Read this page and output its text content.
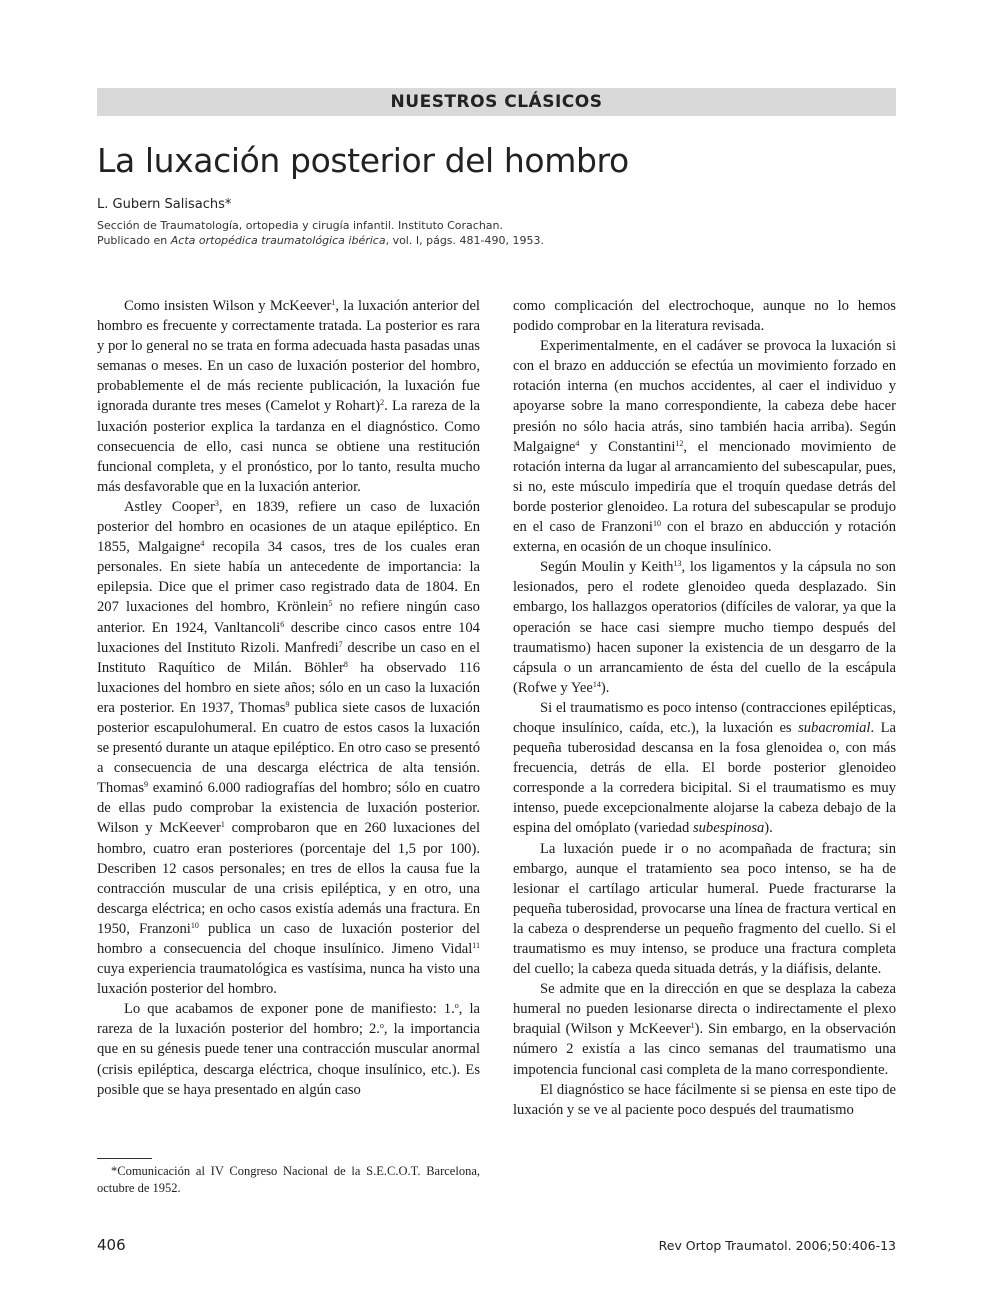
NUESTROS CLÁSICOS
La luxación posterior del hombro
L. Gubern Salisachs*
Sección de Traumatología, ortopedia y cirugía infantil. Instituto Corachan.
Publicado en Acta ortopédica traumatológica ibérica, vol. I, págs. 481-490, 1953.

Como insisten Wilson y McKeever$^1$, la luxación anterior del hombro es frecuente y correctamente tratada. La posterior es rara y por lo general no se trata en forma adecuada hasta pasadas unas semanas o meses. En un caso de luxación posterior del hombro, probablemente el de más reciente publicación, la luxación fue ignorada durante tres meses (Camelot y Rohart)$^2$. La rareza de la luxación posterior explica la tardanza en el diagnóstico. Como consecuencia de ello, casi nunca se obtiene una restitución funcional completa, y el pronóstico, por lo tanto, resulta mucho más desfavorable que en la luxación anterior.

Astley Cooper$^3$, en 1839, refiere un caso de luxación posterior del hombro en ocasiones de un ataque epiléptico. En 1855, Malgaigne$^4$ recopila 34 casos, tres de los cuales eran personales. En siete había un antecedente de importancia: la epilepsia. Dice que el primer caso registrado data de 1804. En 207 luxaciones del hombro, Krönlein$^5$ no refiere ningún caso anterior. En 1924, Vanltancoli$^6$ describe cinco casos entre 104 luxaciones del Instituto Rizoli. Manfredi$^7$ describe un caso en el Instituto Raquítico de Milán. Böhler$^8$ ha observado 116 luxaciones del hombro en siete años; sólo en un caso la luxación era posterior. En 1937, Thomas$^9$ publica siete casos de luxación posterior escapulohumeral. En cuatro de estos casos la luxación se presentó durante un ataque epiléptico. En otro caso se presentó a consecuencia de una descarga eléctrica de alta tensión. Thomas$^9$ examinó 6.000 radiografías del hombro; sólo en cuatro de ellas pudo comprobar la existencia de luxación posterior. Wilson y McKeever$^1$ comprobaron que en 260 luxaciones del hombro, cuatro eran posteriores (porcentaje del 1,5 por 100). Describen 12 casos personales; en tres de ellos la causa fue la contracción muscular de una crisis epiléptica, y en otro, una descarga eléctrica; en ocho casos existía además una fractura. En 1950, Franzoni$^{10}$ publica un caso de luxación posterior del hombro a consecuencia del choque insulínico. Jimeno Vidal$^{11}$ cuya experiencia traumatológica es vastísima, nunca ha visto una luxación posterior del hombro.

Lo que acabamos de exponer pone de manifiesto: 1.$^o$, la rareza de la luxación posterior del hombro; 2.$^o$, la importancia que en su génesis puede tener una contracción muscular anormal (crisis epiléptica, descarga eléctrica, choque insulínico, etc.). Es posible que se haya presentado en algún caso

como complicación del electrochoque, aunque no lo hemos podido comprobar en la literatura revisada.

Experimentalmente, en el cadáver se provoca la luxación si con el brazo en adducción se efectúa un movimiento forzado en rotación interna (en muchos accidentes, al caer el individuo y apoyarse sobre la mano correspondiente, la cabeza debe hacer presión no sólo hacia atrás, sino también hacia arriba). Según Malgaigne$^4$ y Constantini$^{12}$, el mencionado movimiento de rotación interna da lugar al arrancamiento del subescapular, pues, si no, este músculo impediría que el troquín quedase detrás del borde posterior glenoideo. La rotura del subescapular se produjo en el caso de Franzoni$^{10}$ con el brazo en abducción y rotación externa, en ocasión de un choque insulínico.

Según Moulin y Keith$^{13}$, los ligamentos y la cápsula no son lesionados, pero el rodete glenoideo queda desplazado. Sin embargo, los hallazgos operatorios (difíciles de valorar, ya que la operación se hace casi siempre mucho tiempo después del traumatismo) hacen suponer la existencia de un desgarro de la cápsula o un arrancamiento de ésta del cuello de la escápula (Rofwe y Yee$^{14}$).

Si el traumatismo es poco intenso (contracciones epilépticas, choque insulínico, caída, etc.), la luxación es subacromial. La pequeña tuberosidad descansa en la fosa glenoidea o, con más frecuencia, detrás de ella. El borde posterior glenoideo corresponde a la corredera bicipital. Si el traumatismo es muy intenso, puede excepcionalmente alojarse la cabeza debajo de la espina del omóplato (variedad subespinosa).

La luxación puede ir o no acompañada de fractura; sin embargo, aunque el tratamiento sea poco intenso, se ha de lesionar el cartílago articular humeral. Puede fracturarse la pequeña tuberosidad, provocarse una línea de fractura vertical en la cabeza o desprenderse un pequeño fragmento del cuello. Si el traumatismo es muy intenso, se produce una fractura completa del cuello; la cabeza queda situada detrás, y la diáfisis, delante.

Se admite que en la dirección en que se desplaza la cabeza humeral no pueden lesionarse directa o indirectamente el plexo braquial (Wilson y McKeever$^1$). Sin embargo, en la observación número 2 existía a las cinco semanas del traumatismo una impotencia funcional casi completa de la mano correspondiente.

El diagnóstico se hace fácilmente si se piensa en este tipo de luxación y se ve al paciente poco después del traumatismo

*Comunicación al IV Congreso Nacional de la S.E.C.O.T. Barcelona, octubre de 1952.
406	Rev Ortop Traumatol. 2006;50:406-13
